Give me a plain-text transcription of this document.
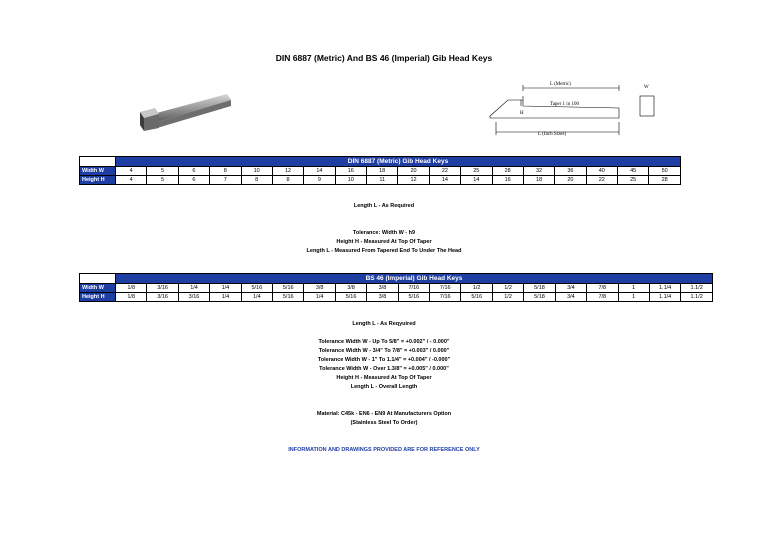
DIN 6887 (Metric) And BS 46 (Imperial) Gib Head Keys
L (Metric)
Taper 1 in 100
H
L (Inch Sizes)
W
	DIN 6887 (Metric) Gib Head Keys																	
Width W	4	5	6	8	10	12	14	16	18	20	22	25	28	32	36	40	45	50
Height H	4	5	6	7	8	8	9	10	11	12	14	14	16	18	20	22	25	28
Length L - As Required
Tolerance: Width W - h9
Height H - Measured At Top Of Taper
Length L - Measured From Tapered End To Under The Head
	BS 46 (Imperial) Gib Head Keys																		
Width W	1/8	3/16	1/4	1/4	5/16	5/16	3/8	3/8	3/8	7/16	7/16	1/2	1/2	5/18	3/4	7/8	1	1.1/4	1.1/2
Height H	1/8	3/16	3/16	1/4	1/4	5/16	1/4	5/16	3/8	5/16	7/16	5/16	1/2	5/18	3/4	7/8	1	1.1/4	1.1/2
Length L - As Reqyuired
Tolerance Width W - Up To 5/8" = +0.002" / - 0.000"
Tolerance Width W - 3/4" To 7/8" = +0.003" / 0.000"
Tolerance Width W - 1" To 1.1/4" = +0.004" / -0.000"
Tolerance Width W - Over 1.3/8" = +0.005" / 0.000"
Height H - Measured At Top Of Taper
Length L - Overall Length
Material: C45k - EN6 - EN9 At Manufacturers Option
(Stainless Steel To Order)
INFORMATION AND DRAWINGS PROVIDED ARE FOR REFERENCE ONLY
